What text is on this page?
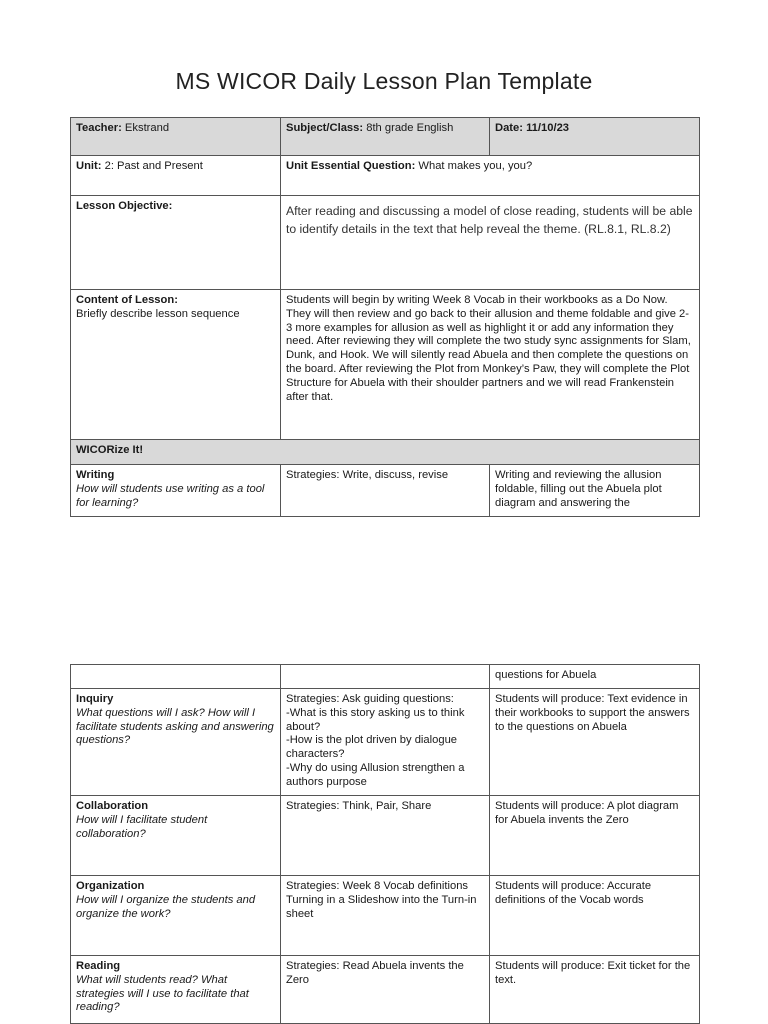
MS WICOR Daily Lesson Plan Template
Teacher: Ekstrand	Subject/Class: 8th grade English	Date: 11/10/23
Unit: 2: Past and Present	Unit Essential Question: What makes you, you?	
Lesson Objective:	After reading and discussing a model of close reading, students will be able to identify details in the text that help reveal the theme. (RL.8.1, RL.8.2)	

Content of Lesson:
Briefly describe lesson sequence	Students will begin by writing Week 8 Vocab in their workbooks as a Do Now. They will then review and go back to their allusion and theme foldable and give 2-3 more examples for allusion as well as highlight it or add any information they need. After reviewing they will complete the two study sync assignments for Slam, Dunk, and Hook. We will silently read Abuela and then complete the questions on the board. After reviewing the Plot from Monkey’s Paw, they will complete the Plot Structure for Abuela with their shoulder partners and we will read Frankenstein after that.	
WICORize It!		

Writing
How will students use writing as a tool for learning?	Strategies: Write, discuss, revise	Writing and reviewing the allusion foldable, filling out the Abuela plot diagram and answering the
		questions for Abuela

Inquiry
What questions will I ask? How will I facilitate students asking and answering questions?	Strategies: Ask guiding questions:
-What is this story asking us to think about?
-How is the plot driven by dialogue characters?
-Why do using Allusion strengthen a authors purpose	Students will produce: Text evidence in their workbooks to support the answers to the questions on Abuela

Collaboration
How will I facilitate student collaboration?	Strategies: Think, Pair, Share	Students will produce: A plot diagram for Abuela invents the Zero

Organization
How will I organize the students and organize the work?	Strategies: Week 8 Vocab definitions
Turning in a Slideshow into the Turn-in sheet	Students will produce: Accurate definitions of the Vocab words

Reading
What will students read? What strategies will I use to facilitate that reading?	Strategies: Read Abuela invents the Zero	Students will produce: Exit ticket for the text.
